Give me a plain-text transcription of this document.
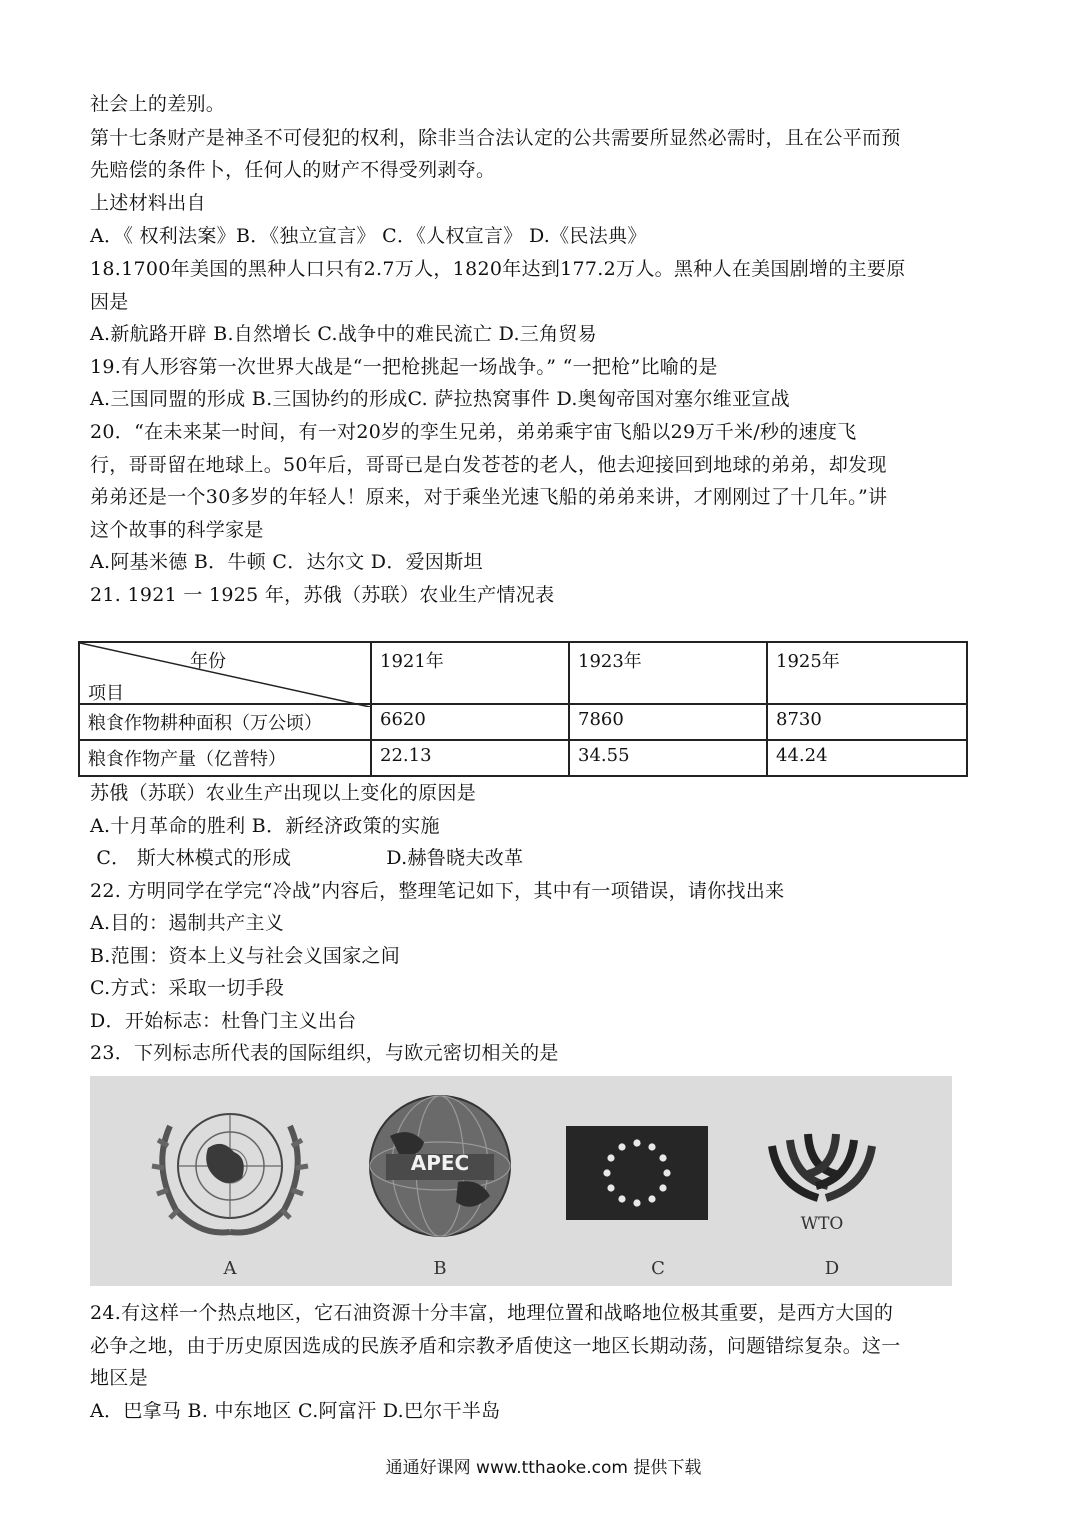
社会上的差别。
第十七条财产是神圣不可侵犯的权利，除非当合法认定的公共需要所显然必需时，且在公平而预
先赔偿的条件卜，任何人的财产不得受列剥夺。
上述材料出自
A．《 权利法案》B．《独立宣言》 C．《人权宣言》 D.《民法典》
18.1700年美国的黑种人口只有2.7万人，1820年达到177.2万人。黑种人在美国剧增的主要原
因是
A.新航路开辟 B.自然增长 C.战争中的难民流亡 D.三角贸易
19.有人形容第一次世界大战是“一把枪挑起一场战争。” “一把枪”比喻的是
A.三国同盟的形成 B.三国协约的形成C. 萨拉热窝事件 D.奥匈帝国对塞尔维亚宣战
20．“在未来某一时间，有一对20岁的孪生兄弟，弟弟乘宇宙飞船以29万千米/秒的速度飞
行，哥哥留在地球上。50年后，哥哥已是白发苍苍的老人，他去迎接回到地球的弟弟，却发现
弟弟还是一个30多岁的年轻人！原来，对于乘坐光速飞船的弟弟来讲，才刚刚过了十几年。”讲
这个故事的科学家是
A.阿基米德 B．牛顿 C．达尔文 D．爱因斯坦
21. 1921 一 1925 年，苏俄（苏联）农业生产情况表
年份
项目	1921年	1923年	1925年
粮食作物耕种面积（万公顷）	6620	7860	8730
粮食作物产量（亿普特）	22.13	34.55	44.24
苏俄（苏联）农业生产出现以上变化的原因是
A.十月革命的胜利 B．新经济政策的实施
C． 斯大林模式的形成               D.赫鲁晓夫改革
22. 方明同学在学完“冷战”内容后，整理笔记如下，其中有一项错误，请你找出来
A.目的：遏制共产主义
B.范围：资本上义与社会义国家之间
C.方式：采取一切手段
D．开始标志：杜鲁门主义出台
23．下列标志所代表的国际组织，与欧元密切相关的是
A
APEC
B	C
WTO
D
24.有这样一个热点地区，它石油资源十分丰富，地理位置和战略地位极其重要，是西方大国的
必争之地，由于历史原因选成的民族矛盾和宗教矛盾使这一地区长期动荡，问题错综复杂。这一
地区是
A．巴拿马 B. 中东地区 C.阿富汗 D.巴尔干半岛
通通好课网 www.tthaoke.com 提供下载
